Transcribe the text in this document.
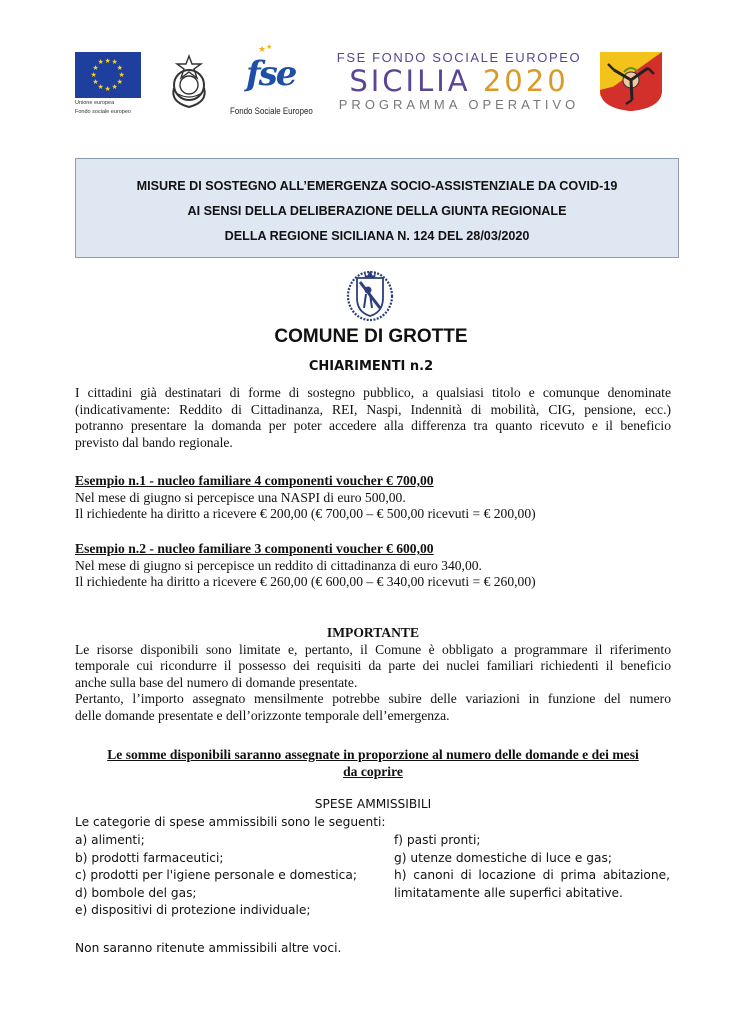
★ ★
★
★
★
★
★
★
★
★
★
★
Unione europea
Fondo sociale europeo
★ ★
fse
Fondo Sociale Europeo
FSE FONDO SOCIALE EUROPEO
SICILIA 2020
PROGRAMMA OPERATIVO
MISURE DI SOSTEGNO ALL’EMERGENZA SOCIO-ASSISTENZIALE DA COVID-19
AI SENSI DELLA DELIBERAZIONE DELLA GIUNTA REGIONALE
DELLA REGIONE SICILIANA N. 124 DEL 28/03/2020
COMUNE DI GROTTE
CHIARIMENTI n.2
I cittadini già destinatari di forme di sostegno pubblico, a qualsiasi titolo e comunque denominate
(indicativamente: Reddito di Cittadinanza, REI, Naspi, Indennità di mobilità, CIG, pensione, ecc.)
potranno presentare la domanda per poter accedere alla differenza tra quanto ricevuto e il beneficio
previsto dal bando regionale.
Esempio n.1 - nucleo familiare 4 componenti voucher € 700,00
Nel mese di giugno si percepisce una NASPI di euro 500,00.
Il richiedente ha diritto a ricevere € 200,00 (€ 700,00 – € 500,00 ricevuti = € 200,00)
Esempio n.2 - nucleo familiare 3 componenti voucher € 600,00
Nel mese di giugno si percepisce un reddito di cittadinanza di euro 340,00.
Il richiedente ha diritto a ricevere € 260,00 (€ 600,00 – € 340,00 ricevuti = € 260,00)
IMPORTANTE
Le risorse disponibili sono limitate e, pertanto, il Comune è obbligato a programmare il riferimento
temporale cui ricondurre il possesso dei requisiti da parte dei nuclei familiari richiedenti il beneficio
anche sulla base del numero di domande presentate.
Pertanto, l’importo assegnato mensilmente potrebbe subire delle variazioni in funzione del numero
delle domande presentate e dell’orizzonte temporale dell’emergenza.
Le somme disponibili saranno assegnate in proporzione al numero delle domande e dei mesi
da coprire
SPESE AMMISSIBILI
Le categorie di spese ammissibili sono le seguenti:
a) alimenti;
b) prodotti farmaceutici;
c) prodotti per l'igiene personale e domestica;
d) bombole del gas;
e) dispositivi di protezione individuale;
f) pasti pronti;
g) utenze domestiche di luce e gas;
h) canoni di locazione di prima abitazione,
limitatamente alle superfici abitative.
Non saranno ritenute ammissibili altre voci.
